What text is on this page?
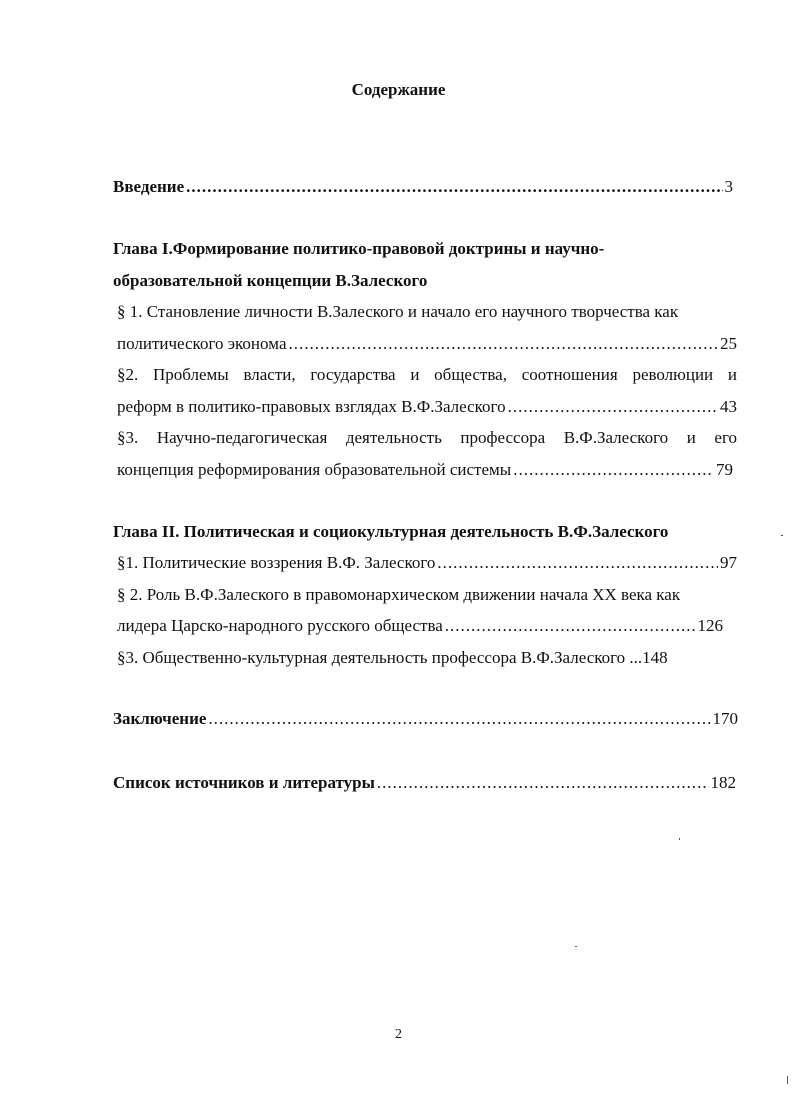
Содержание
Введение .....	3
Глава I.Формирование политико-правовой доктрины и научно-
образовательной концепции В.Залеского
§ 1. Становление личности В.Залеского и начало его научного творчества как
политического экономa .....	25
§2. Проблемы власти, государства и общества, соотношения революции и
реформ в политико-правовых взглядах В.Ф.Залеского .....	43
§3. Научно-педагогическая деятельность профессора В.Ф.Залеского и его
концепция реформирования образовательной системы .....	79
Глава II. Политическая и социокультурная деятельность В.Ф.Залеского
§1. Политические воззрения В.Ф. Залеского .....	97
§ 2. Роль В.Ф.Залеского в правомонархическом движении начала XX века как
лидера Царско-народного русского общества .....	126
§3. Общественно-культурная деятельность профессора В.Ф.Залеского ...148
Заключение .....	170
Список источников и литературы .....	182
2
